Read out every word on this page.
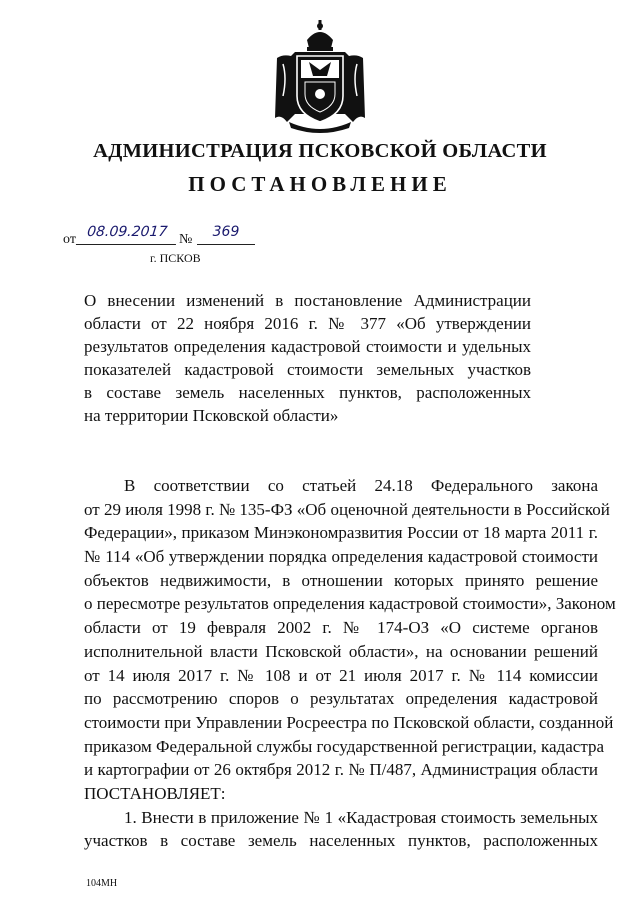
АДМИНИСТРАЦИЯ ПСКОВСКОЙ ОБЛАСТИ
ПОСТАНОВЛЕНИЕ
от 08.09.2017 №	369
г. ПСКОВ
О внесении изменений в постановление Администрации
области от 22 ноября 2016 г. № 377 «Об утверждении
результатов определения кадастровой стоимости и удельных
показателей кадастровой стоимости земельных участков
в составе земель населенных пунктов, расположенных
на территории Псковской области»
В соответствии со статьей 24.18 Федерального закона
от 29 июля 1998 г. № 135-ФЗ «Об оценочной деятельности в Российской
Федерации», приказом Минэкономразвития России от 18 марта 2011 г.
№ 114 «Об утверждении порядка определения кадастровой стоимости
объектов недвижимости, в отношении которых принято решение
о пересмотре результатов определения кадастровой стоимости», Законом
области от 19 февраля 2002 г. № 174-ОЗ «О системе органов
исполнительной власти Псковской области», на основании решений
от 14 июля 2017 г. № 108 и от 21 июля 2017 г. № 114 комиссии
по рассмотрению споров о результатах определения кадастровой
стоимости при Управлении Росреестра по Псковской области, созданной
приказом Федеральной службы государственной регистрации, кадастра
и картографии от 26 октября 2012 г. № П/487, Администрация области
ПОСТАНОВЛЯЕТ:
1. Внести в приложение № 1 «Кадастровая стоимость земельных
участков в составе земель населенных пунктов, расположенных
104МН
